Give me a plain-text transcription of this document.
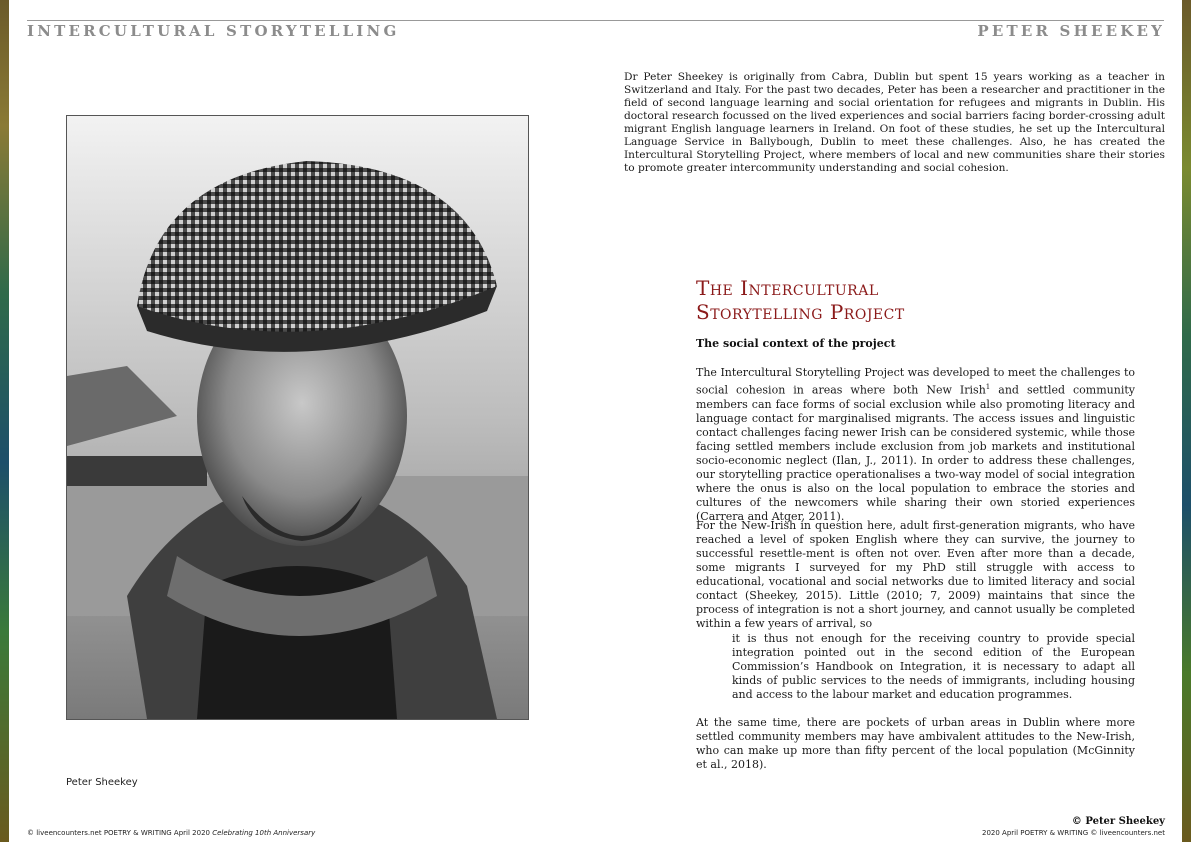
INTERCULTURAL STORYTELLING	PETER SHEEKEY
Dr Peter Sheekey is originally from Cabra, Dublin but spent 15 years working as a teacher in Switzerland and Italy. For the past two decades, Peter has been a researcher and practitioner in the field of second language learning and social orientation for refugees and migrants in Dublin. His doctoral research focussed on the lived experiences and social barriers facing border-crossing adult migrant English language learners in Ireland. On foot of these studies, he set up the Intercultural Language Service in Ballybough, Dublin to meet these challenges. Also, he has created the Intercultural Storytelling Project, where members of local and new communities share their stories to promote greater intercommunity understanding and social cohesion.
Peter Sheekey
The Intercultural
Storytelling Project
The social context of the project
The Intercultural Storytelling Project was developed to meet the challenges to social cohesion in areas where both New Irish$^1$ and settled community members can face forms of social exclusion while also promoting literacy and language contact for marginalised migrants. The access issues and linguistic contact challenges facing newer Irish can be considered systemic, while those facing settled members include exclusion from job markets and institutional socio-economic neglect (Ilan, J., 2011). In order to address these challenges, our storytelling practice operationalises a two-way model of social integration where the onus is also on the local population to embrace the stories and cultures of the newcomers while sharing their own storied experiences (Carrera and Atger, 2011).
For the New-Irish in question here, adult first-generation migrants, who have reached a level of spoken English where they can survive, the journey to successful resettle-ment is often not over. Even after more than a decade, some migrants I surveyed for my PhD still struggle with access to educational, vocational and social networks due to limited literacy and social contact (Sheekey, 2015). Little (2010; 7, 2009) maintains that since the process of integration is not a short journey, and cannot usually be completed within a few years of arrival, so
it is thus not enough for the receiving country to provide special integration pointed out in the second edition of the European Commission’s Handbook on Integration, it is necessary to adapt all kinds of public services to the needs of immigrants, including housing and access to the labour market and education programmes.
At the same time, there are pockets of urban areas in Dublin where more settled community members may have ambivalent attitudes to the New-Irish, who can make up more than fifty percent of the local population (McGinnity et al., 2018).
© Peter Sheekey
© liveencounters.net POETRY & WRITING April 2020 Celebrating 10th Anniversary	2020 April POETRY & WRITING © liveencounters.net
